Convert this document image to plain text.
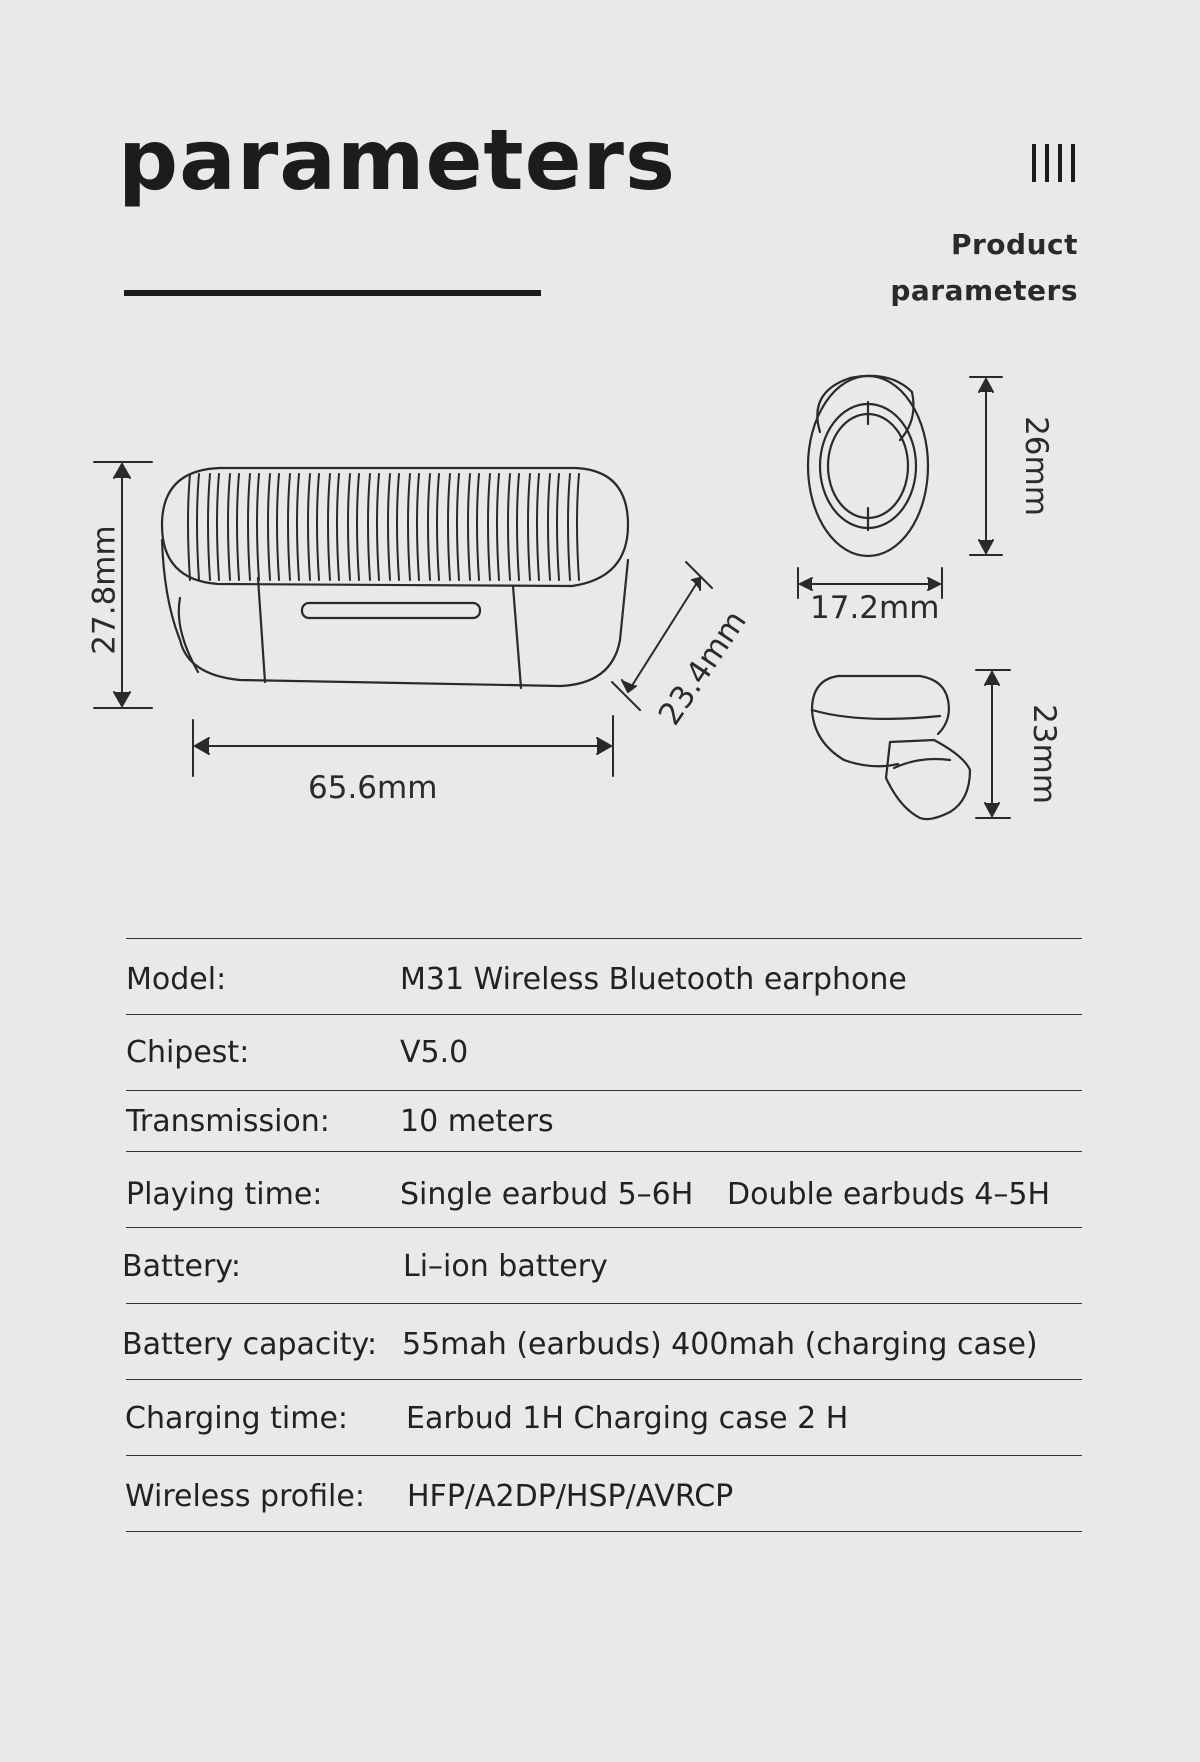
parameters
Product
parameters
27.8mm
65.6mm
23.4mm
26mm
17.2mm
23mm
Model:	M31 Wireless Bluetooth earphone
Chipest:	V5.0
Transmission: 10 meters
Playing time:	Single earbud 5–6H Double earbuds 4–5H
Battery:	Li–ion battery
Battery capacity: 55mah (earbuds) 400mah (charging case)
Charging time: Earbud 1H Charging case 2 H
Wireless profile: HFP/A2DP/HSP/AVRCP
